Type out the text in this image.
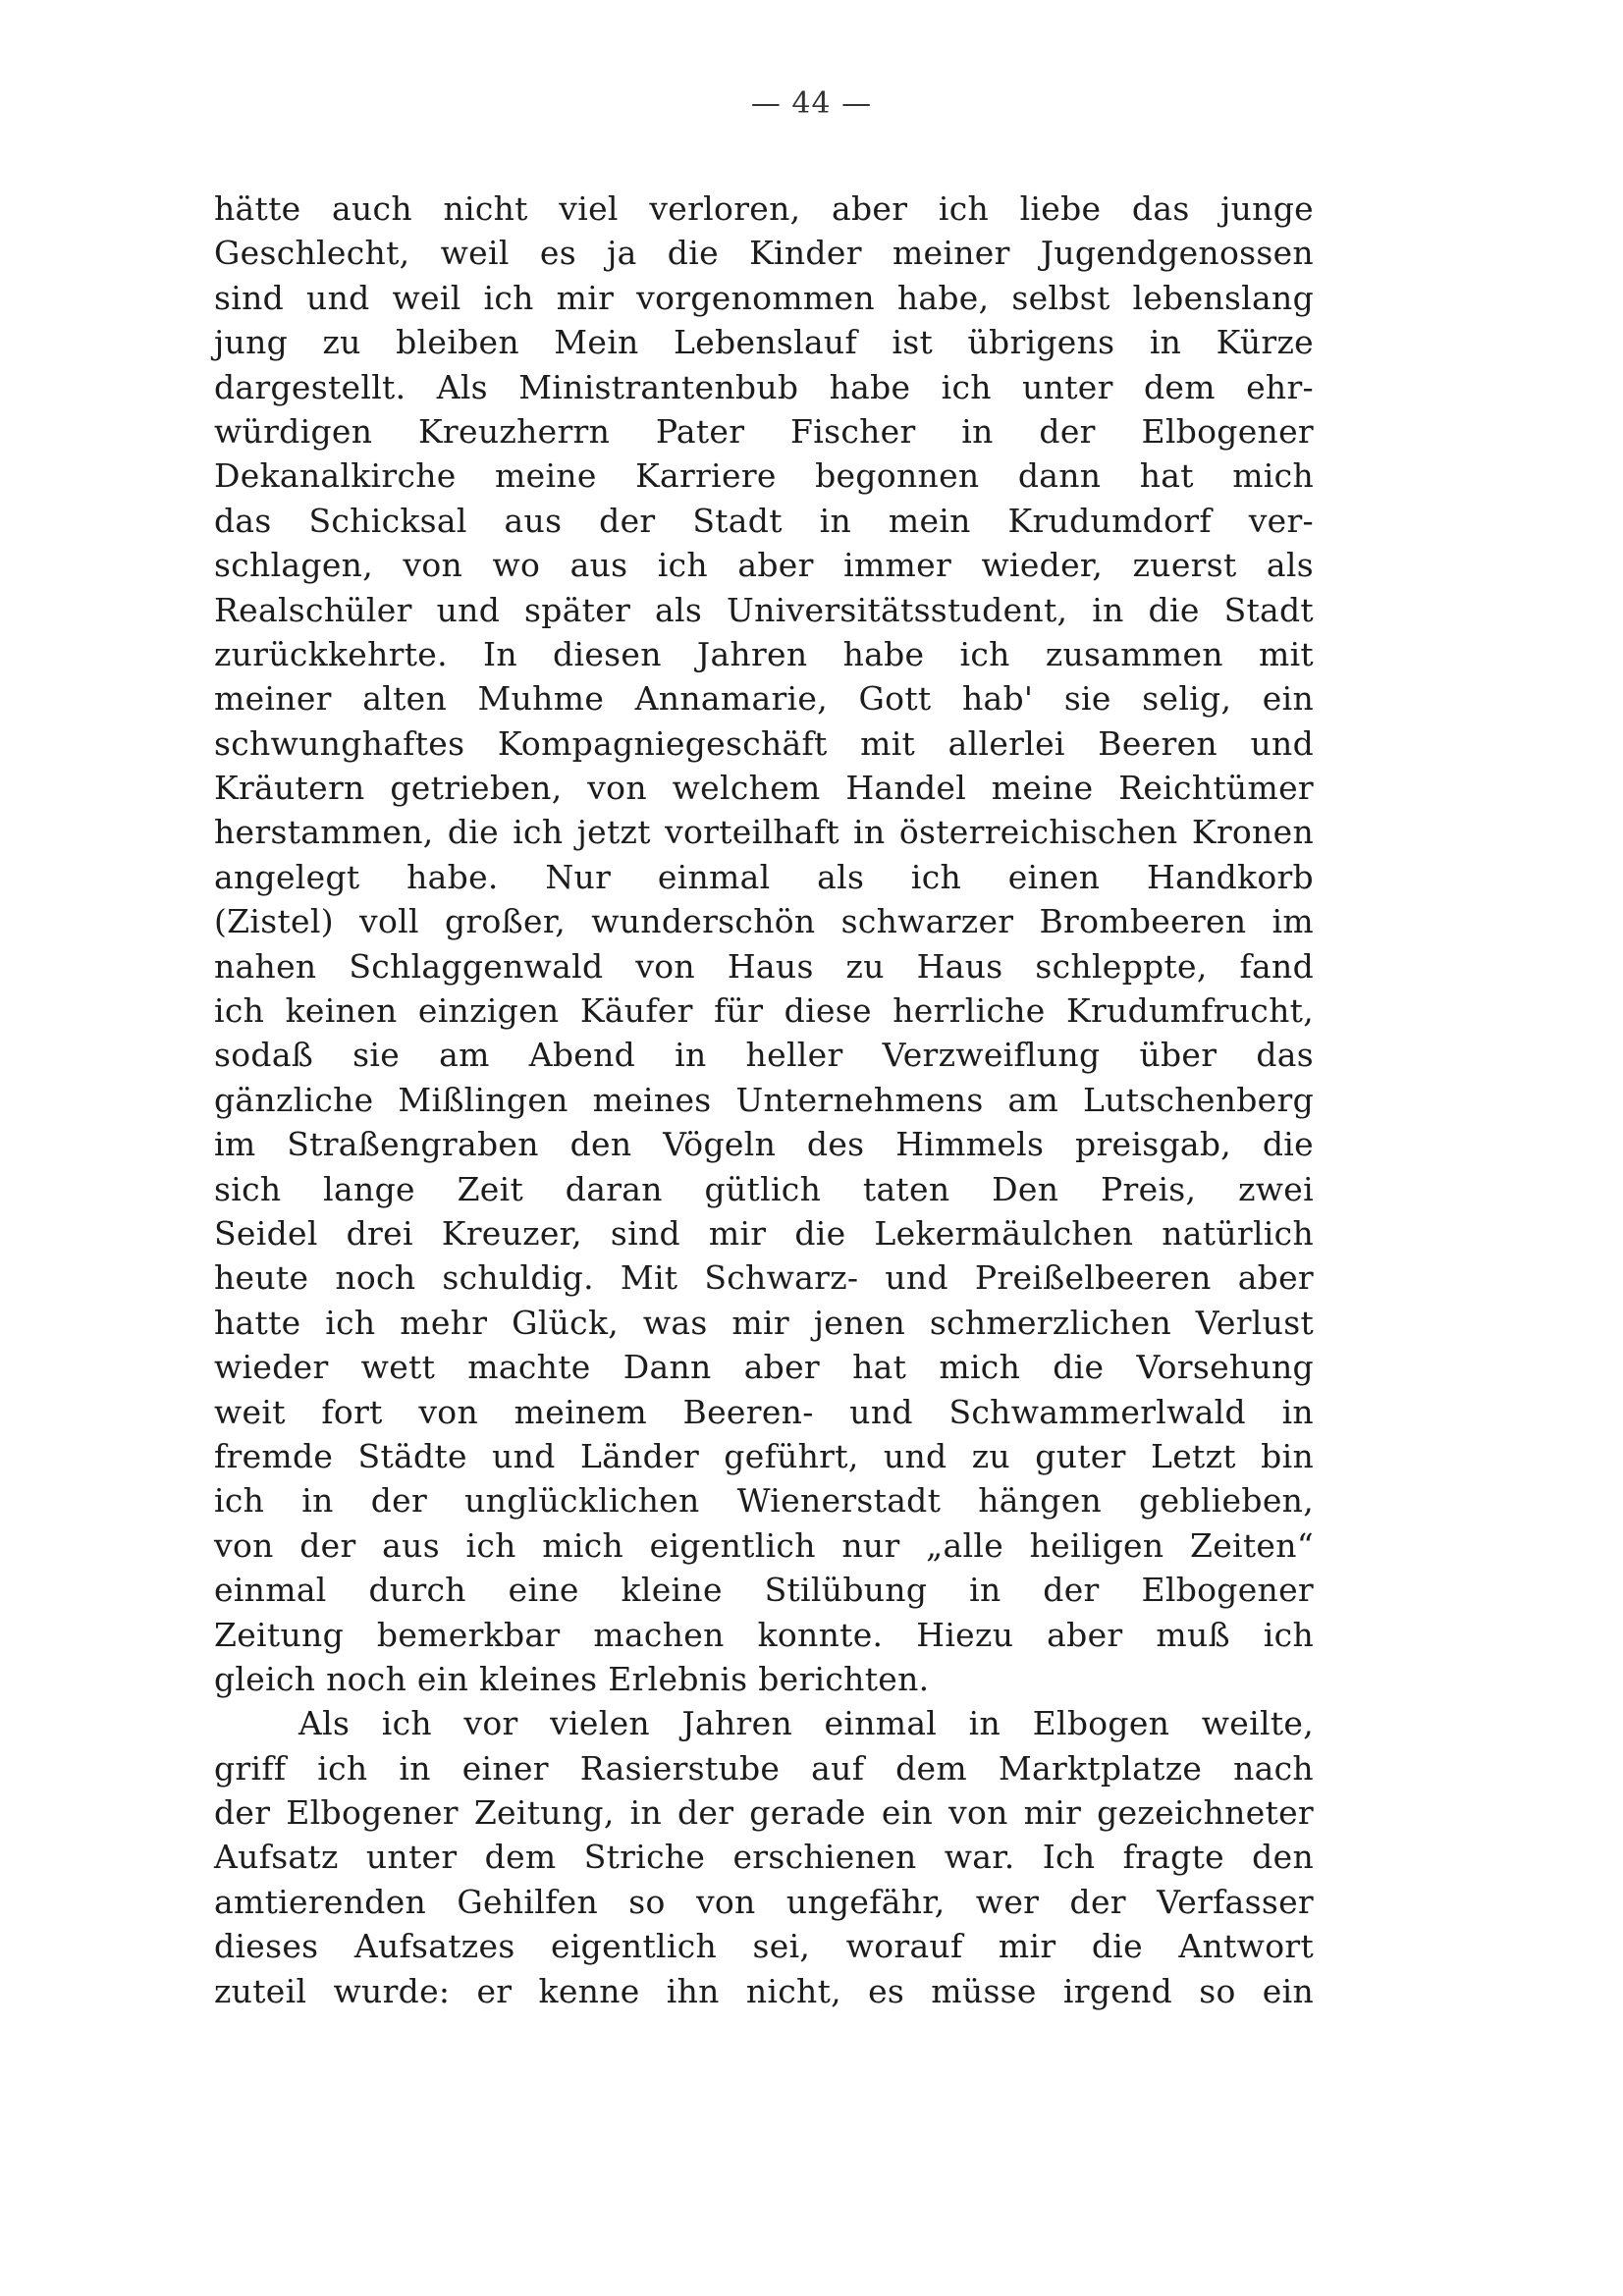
— 44 —
hätte auch nicht viel verloren, aber ich liebe das junge
Geschlecht, weil es ja die Kinder meiner Jugendgenossen
sind und weil ich mir vorgenommen habe, selbst lebenslang
jung zu bleiben Mein Lebenslauf ist übrigens in Kürze
dargestellt. Als Ministrantenbub habe ich unter dem ehr-
würdigen Kreuzherrn Pater Fischer in der Elbogener
Dekanalkirche meine Karriere begonnen dann hat mich
das Schicksal aus der Stadt in mein Krudumdorf ver-
schlagen, von wo aus ich aber immer wieder, zuerst als
Realschüler und später als Universitätsstudent, in die Stadt
zurückkehrte. In diesen Jahren habe ich zusammen mit
meiner alten Muhme Annamarie, Gott hab' sie selig, ein
schwunghaftes Kompagniegeschäft mit allerlei Beeren und
Kräutern getrieben, von welchem Handel meine Reichtümer
herstammen, die ich jetzt vorteilhaft in österreichischen Kronen
angelegt habe. Nur einmal als ich einen Handkorb
(Zistel) voll großer, wunderschön schwarzer Brombeeren im
nahen Schlaggenwald von Haus zu Haus schleppte, fand
ich keinen einzigen Käufer für diese herrliche Krudumfrucht,
sodaß sie am Abend in heller Verzweiflung über das
gänzliche Mißlingen meines Unternehmens am Lutschenberg
im Straßengraben den Vögeln des Himmels preisgab, die
sich lange Zeit daran gütlich taten Den Preis, zwei
Seidel drei Kreuzer, sind mir die Lekermäulchen natürlich
heute noch schuldig. Mit Schwarz- und Preißelbeeren aber
hatte ich mehr Glück, was mir jenen schmerzlichen Verlust
wieder wett machte Dann aber hat mich die Vorsehung
weit fort von meinem Beeren- und Schwammerlwald in
fremde Städte und Länder geführt, und zu guter Letzt bin
ich in der unglücklichen Wienerstadt hängen geblieben,
von der aus ich mich eigentlich nur „alle heiligen Zeiten“
einmal durch eine kleine Stilübung in der Elbogener
Zeitung bemerkbar machen konnte. Hiezu aber muß ich
gleich noch ein kleines Erlebnis berichten.
Als ich vor vielen Jahren einmal in Elbogen weilte,
griff ich in einer Rasierstube auf dem Marktplatze nach
der Elbogener Zeitung, in der gerade ein von mir gezeichneter
Aufsatz unter dem Striche erschienen war. Ich fragte den
amtierenden Gehilfen so von ungefähr, wer der Verfasser
dieses Aufsatzes eigentlich sei, worauf mir die Antwort
zuteil wurde: er kenne ihn nicht, es müsse irgend so ein
